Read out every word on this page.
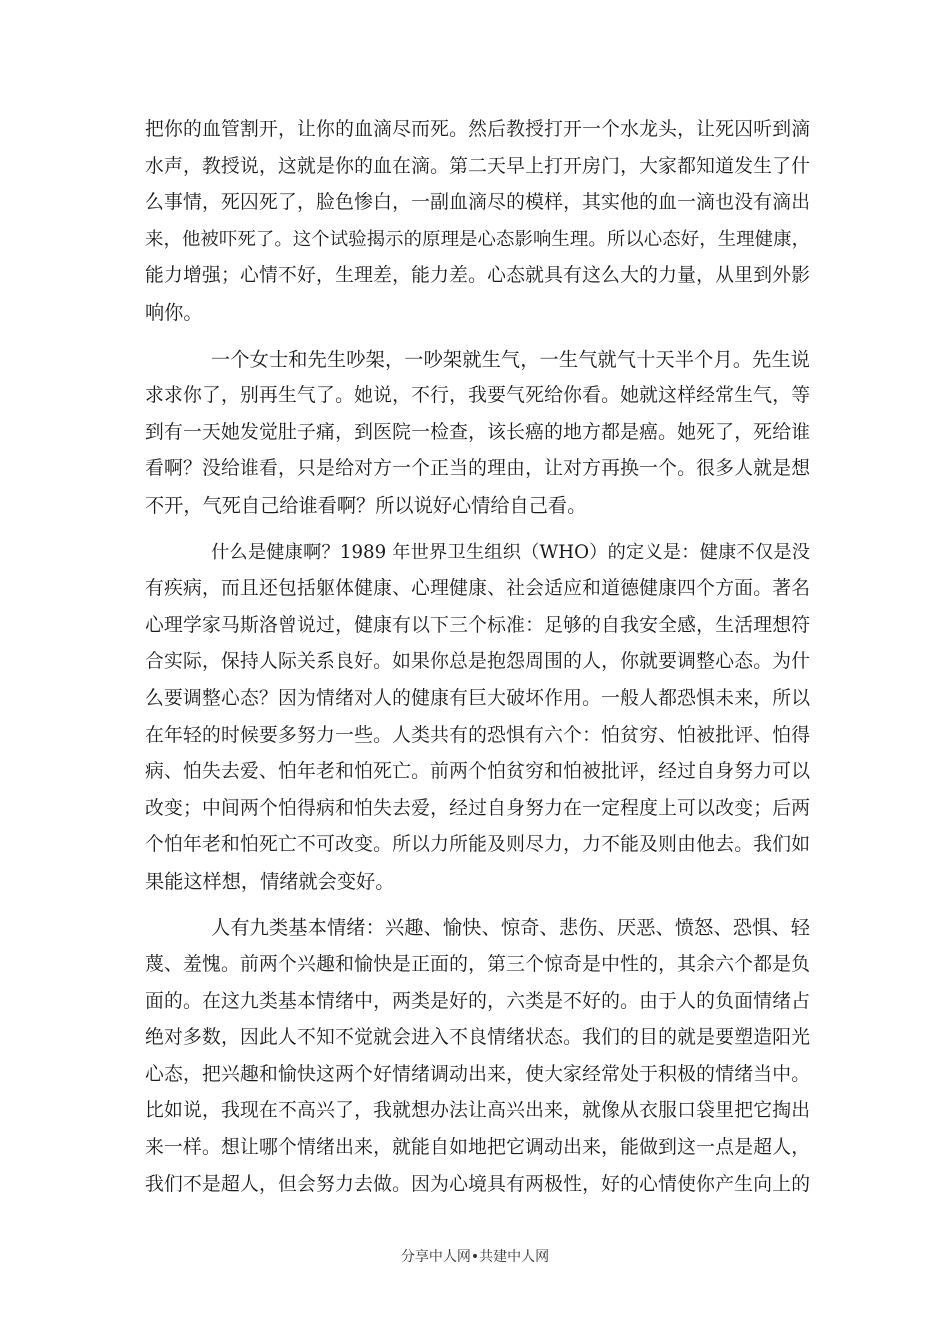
把你的血管割开，让你的血滴尽而死。然后教授打开一个水龙头，让死囚听到滴
水声，教授说，这就是你的血在滴。第二天早上打开房门，大家都知道发生了什
么事情，死囚死了，脸色惨白，一副血滴尽的模样，其实他的血一滴也没有滴出
来，他被吓死了。这个试验揭示的原理是心态影响生理。所以心态好，生理健康，
能力增强；心情不好，生理差，能力差。心态就具有这么大的力量，从里到外影
响你。

一个女士和先生吵架，一吵架就生气，一生气就气十天半个月。先生说
求求你了，别再生气了。她说，不行，我要气死给你看。她就这样经常生气，等
到有一天她发觉肚子痛，到医院一检查，该长癌的地方都是癌。她死了，死给谁
看啊？没给谁看，只是给对方一个正当的理由，让对方再换一个。很多人就是想
不开，气死自己给谁看啊？所以说好心情给自己看。

什么是健康啊？1989 年世界卫生组织（WHO）的定义是：健康不仅是没
有疾病，而且还包括躯体健康、心理健康、社会适应和道德健康四个方面。著名
心理学家马斯洛曾说过，健康有以下三个标准：足够的自我安全感，生活理想符
合实际，保持人际关系良好。如果你总是抱怨周围的人，你就要调整心态。为什
么要调整心态？因为情绪对人的健康有巨大破坏作用。一般人都恐惧未来，所以
在年轻的时候要多努力一些。人类共有的恐惧有六个：怕贫穷、怕被批评、怕得
病、怕失去爱、怕年老和怕死亡。前两个怕贫穷和怕被批评，经过自身努力可以
改变；中间两个怕得病和怕失去爱，经过自身努力在一定程度上可以改变；后两
个怕年老和怕死亡不可改变。所以力所能及则尽力，力不能及则由他去。我们如
果能这样想，情绪就会变好。

人有九类基本情绪：兴趣、愉快、惊奇、悲伤、厌恶、愤怒、恐惧、轻
蔑、羞愧。前两个兴趣和愉快是正面的，第三个惊奇是中性的，其余六个都是负
面的。在这九类基本情绪中，两类是好的，六类是不好的。由于人的负面情绪占
绝对多数，因此人不知不觉就会进入不良情绪状态。我们的目的就是要塑造阳光
心态，把兴趣和愉快这两个好情绪调动出来，使大家经常处于积极的情绪当中。
比如说，我现在不高兴了，我就想办法让高兴出来，就像从衣服口袋里把它掏出
来一样。想让哪个情绪出来，就能自如地把它调动出来，能做到这一点是超人，
我们不是超人，但会努力去做。因为心境具有两极性，好的心情使你产生向上的

分享中人网•共建中人网
